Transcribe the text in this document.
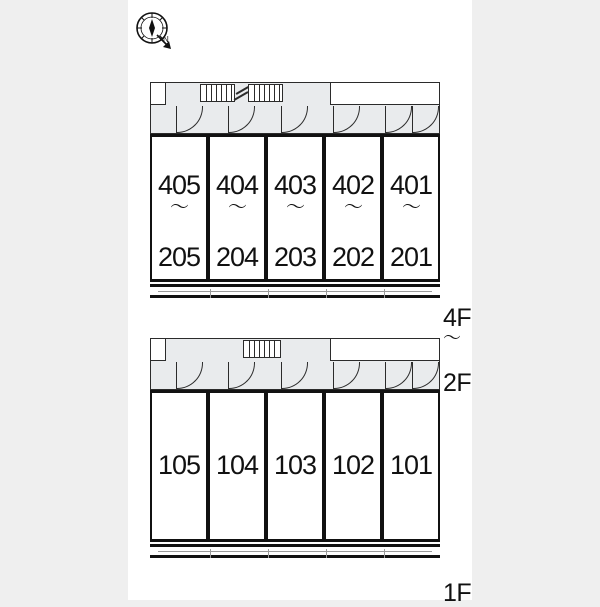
N

405

～

205

404

～

204

403

～

203

402

～

202

401

～

201

4F

～

2F

105 104 103 102 101

1F
